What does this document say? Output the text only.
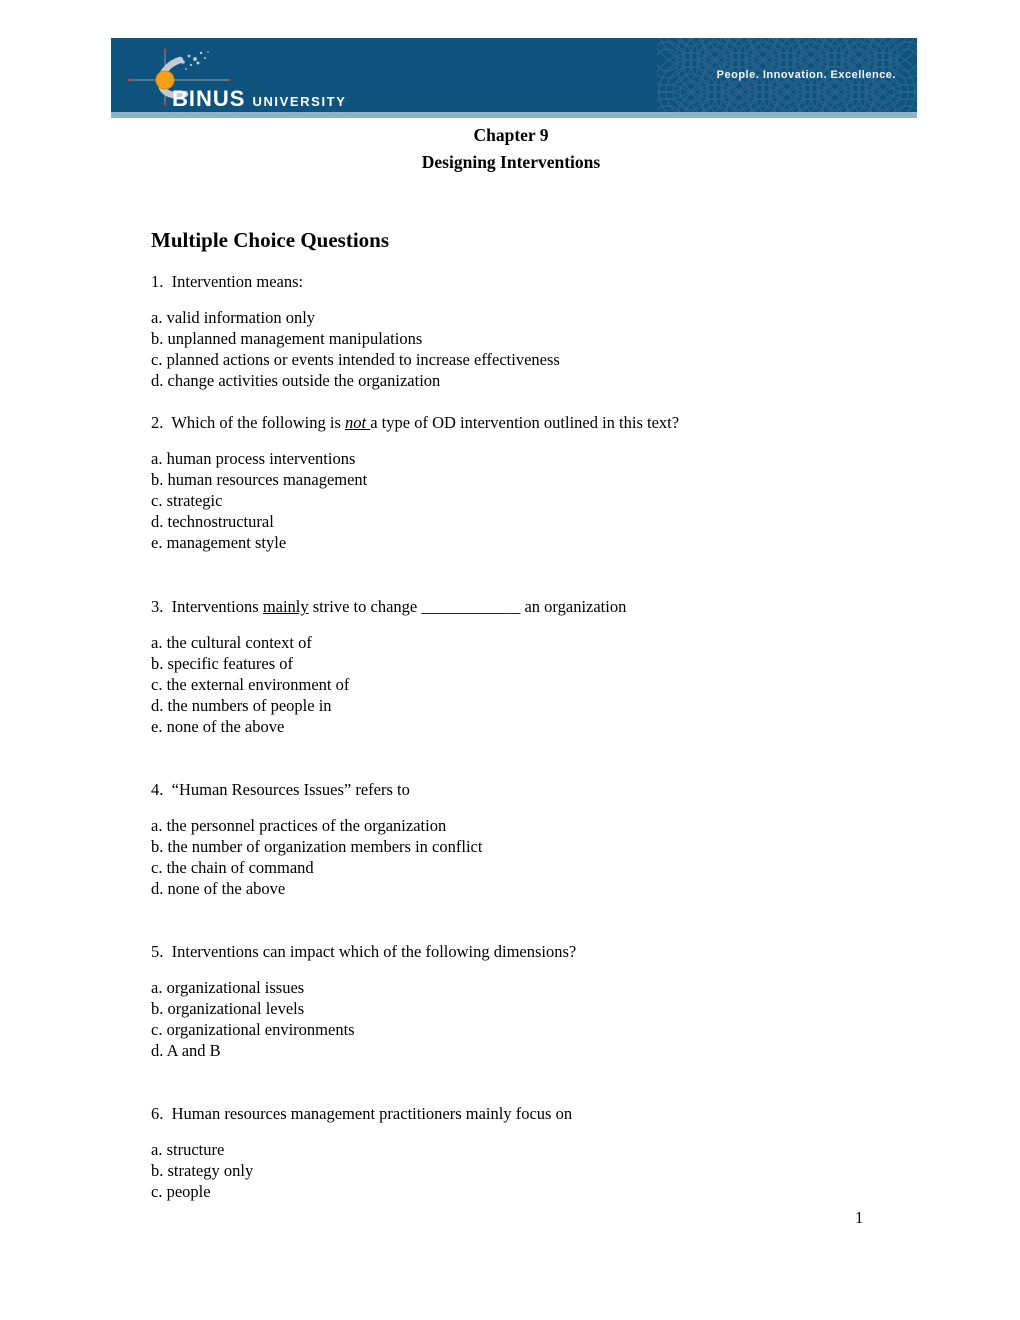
BINUS UNIVERSITY
People. Innovation. Excellence.
Chapter 9
Designing Interventions
Multiple Choice Questions

1.  Intervention means:

a. valid information only

b. unplanned management manipulations

c. planned actions or events intended to increase effectiveness

d. change activities outside the organization

2.  Which of the following is not a type of OD intervention outlined in this text?

a. human process interventions

b. human resources management

c. strategic

d. technostructural

e. management style

3.  Interventions mainly strive to change ____________ an organization

a. the cultural context of

b. specific features of

c. the external environment of

d. the numbers of people in

e. none of the above

4.  “Human Resources Issues” refers to

a. the personnel practices of the organization

b. the number of organization members in conflict

c. the chain of command

d. none of the above

5.  Interventions can impact which of the following dimensions?

a. organizational issues

b. organizational levels

c. organizational environments

d. A and B

6.  Human resources management practitioners mainly focus on

a. structure

b. strategy only

c. people

1
